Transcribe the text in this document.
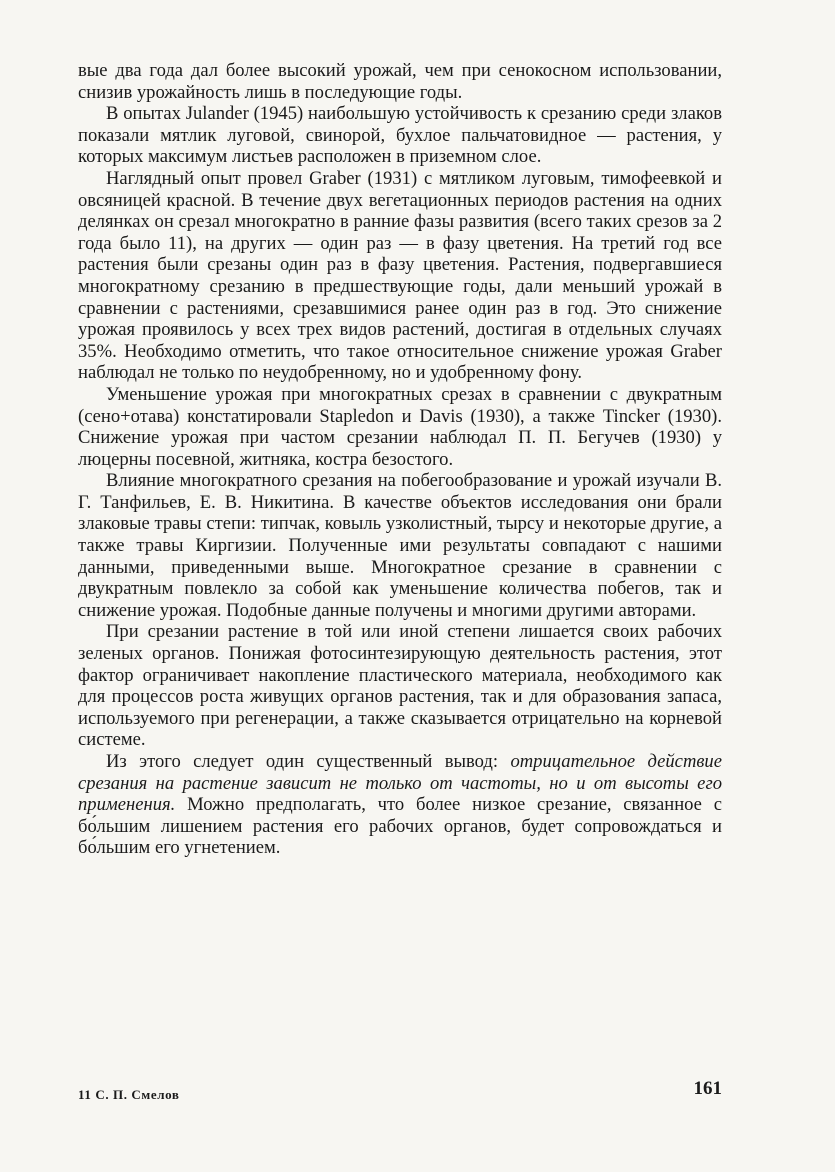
вые два года дал более высокий урожай, чем при сенокосном использовании, снизив урожайность лишь в последующие годы.

В опытах Julander (1945) наибольшую устойчивость к срезанию среди злаков показали мятлик луговой, свинорой, бухлое пальчатовидное — растения, у которых максимум листьев расположен в приземном слое.

Наглядный опыт провел Graber (1931) с мятликом луговым, тимофеевкой и овсяницей красной. В течение двух вегетационных периодов растения на одних делянках он срезал многократно в ранние фазы развития (всего таких срезов за 2 года было 11), на других — один раз — в фазу цветения. На третий год все растения были срезаны один раз в фазу цветения. Растения, подвергавшиеся многократному срезанию в предшествующие годы, дали меньший урожай в сравнении с растениями, срезавшимися ранее один раз в год. Это снижение урожая проявилось у всех трех видов растений, достигая в отдельных случаях 35%. Необходимо отметить, что такое относительное снижение урожая Graber наблюдал не только по неудобренному, но и удобренному фону.

Уменьшение урожая при многократных срезах в сравнении с двукратным (сено+отава) констатировали Stapledon и Davis (1930), а также Tincker (1930). Снижение урожая при частом срезании наблюдал П. П. Бегучев (1930) у люцерны посевной, житняка, костра безостого.

Влияние многократного срезания на побегообразование и урожай изучали В. Г. Танфильев, Е. В. Никитина. В качестве объектов исследования они брали злаковые травы степи: типчак, ковыль узколистный, тырсу и некоторые другие, а также травы Киргизии. Полученные ими результаты совпадают с нашими данными, приведенными выше. Многократное срезание в сравнении с двукратным повлекло за собой как уменьшение количества побегов, так и снижение урожая. Подобные данные получены и многими другими авторами.

При срезании растение в той или иной степени лишается своих рабочих зеленых органов. Понижая фотосинтезирующую деятельность растения, этот фактор ограничивает накопление пластического материала, необходимого как для процессов роста живущих органов растения, так и для образования запаса, используемого при регенерации, а также сказывается отрицательно на корневой системе.

Из этого следует один существенный вывод: отрицательное действие срезания на растение зависит не только от частоты, но и от высоты его применения. Можно предполагать, что более низкое срезание, связанное с бо́льшим лишением растения его рабочих органов, будет сопровождаться и бо́льшим его угнетением.

11 С. П. Смелов	161
